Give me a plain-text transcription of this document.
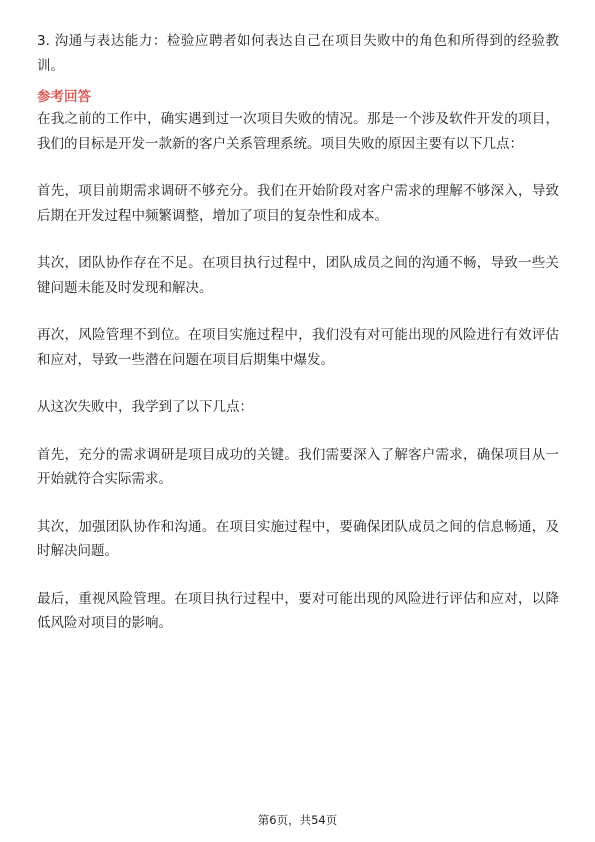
3. 沟通与表达能力：检验应聘者如何表达自己在项目失败中的角色和所得到的经验教训。

参考回答

在我之前的工作中，确实遇到过一次项目失败的情况。那是一个涉及软件开发的项目，我们的目标是开发一款新的客户关系管理系统。项目失败的原因主要有以下几点：

首先，项目前期需求调研不够充分。我们在开始阶段对客户需求的理解不够深入，导致后期在开发过程中频繁调整，增加了项目的复杂性和成本。

其次，团队协作存在不足。在项目执行过程中，团队成员之间的沟通不畅，导致一些关键问题未能及时发现和解决。

再次，风险管理不到位。在项目实施过程中，我们没有对可能出现的风险进行有效评估和应对，导致一些潜在问题在项目后期集中爆发。

从这次失败中，我学到了以下几点：

首先，充分的需求调研是项目成功的关键。我们需要深入了解客户需求，确保项目从一开始就符合实际需求。

其次，加强团队协作和沟通。在项目实施过程中，要确保团队成员之间的信息畅通，及时解决问题。

最后，重视风险管理。在项目执行过程中，要对可能出现的风险进行评估和应对，以降低风险对项目的影响。

第6页，共54页
